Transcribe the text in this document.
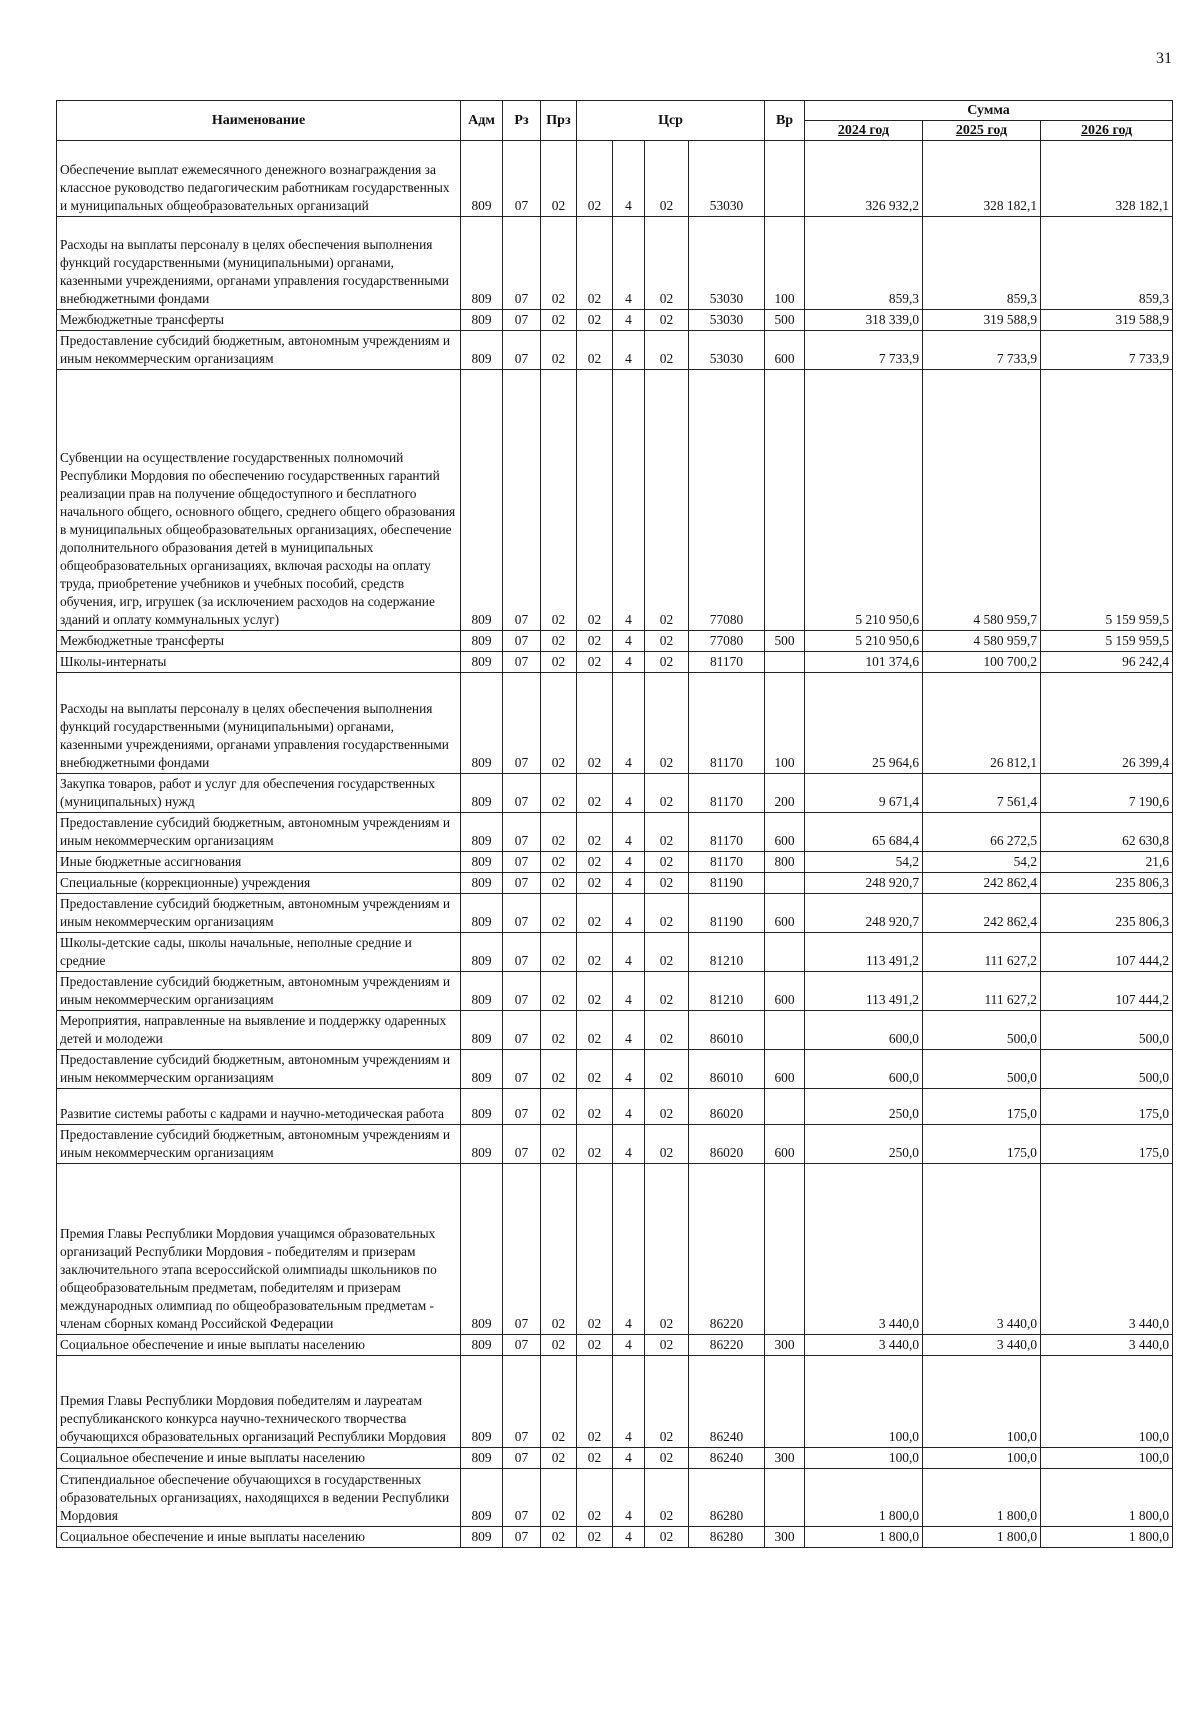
31
Наименование	Адм	Рз	Прз	Цср				Вр	Сумма		
									2024 год	2025 год	2026 год
Обеспечение выплат ежемесячного денежного вознаграждения за классное руководство педагогическим работникам государственных и муниципальных общеобразовательных организаций	809	07	02	02	4	02	53030		326 932,2	328 182,1	328 182,1
Расходы на выплаты персоналу в целях обеспечения выполнения функций государственными (муниципальными) органами, казенными учреждениями, органами управления государственными внебюджетными фондами	809	07	02	02	4	02	53030	100	859,3	859,3	859,3
Межбюджетные трансферты	809	07	02	02	4	02	53030	500	318 339,0	319 588,9	319 588,9
Предоставление субсидий бюджетным, автономным учреждениям и иным некоммерческим организациям	809	07	02	02	4	02	53030	600	7 733,9	7 733,9	7 733,9
Субвенции на осуществление государственных полномочий Республики Мордовия по обеспечению государственных гарантий реализации прав на получение общедоступного и бесплатного начального общего, основного общего, среднего общего образования в муниципальных общеобразовательных организациях, обеспечение дополнительного образования детей в муниципальных общеобразовательных организациях, включая расходы на оплату труда, приобретение учебников и учебных пособий, средств обучения, игр, игрушек (за исключением расходов на содержание зданий и оплату коммунальных услуг)	809	07	02	02	4	02	77080		5 210 950,6	4 580 959,7	5 159 959,5
Межбюджетные трансферты	809	07	02	02	4	02	77080	500	5 210 950,6	4 580 959,7	5 159 959,5
Школы-интернаты	809	07	02	02	4	02	81170		101 374,6	100 700,2	96 242,4
Расходы на выплаты персоналу в целях обеспечения выполнения функций государственными (муниципальными) органами, казенными учреждениями, органами управления государственными внебюджетными фондами	809	07	02	02	4	02	81170	100	25 964,6	26 812,1	26 399,4
Закупка товаров, работ и услуг для обеспечения государственных (муниципальных) нужд	809	07	02	02	4	02	81170	200	9 671,4	7 561,4	7 190,6
Предоставление субсидий бюджетным, автономным учреждениям и иным некоммерческим организациям	809	07	02	02	4	02	81170	600	65 684,4	66 272,5	62 630,8
Иные бюджетные ассигнования	809	07	02	02	4	02	81170	800	54,2	54,2	21,6
Специальные (коррекционные) учреждения	809	07	02	02	4	02	81190		248 920,7	242 862,4	235 806,3
Предоставление субсидий бюджетным, автономным учреждениям и иным некоммерческим организациям	809	07	02	02	4	02	81190	600	248 920,7	242 862,4	235 806,3
Школы-детские сады, школы начальные, неполные средние и средние	809	07	02	02	4	02	81210		113 491,2	111 627,2	107 444,2
Предоставление субсидий бюджетным, автономным учреждениям и иным некоммерческим организациям	809	07	02	02	4	02	81210	600	113 491,2	111 627,2	107 444,2
Мероприятия, направленные на выявление и поддержку одаренных детей и молодежи	809	07	02	02	4	02	86010		600,0	500,0	500,0
Предоставление субсидий бюджетным, автономным учреждениям и иным некоммерческим организациям	809	07	02	02	4	02	86010	600	600,0	500,0	500,0
Развитие системы работы с кадрами и научно-методическая работа	809	07	02	02	4	02	86020		250,0	175,0	175,0
Предоставление субсидий бюджетным, автономным учреждениям и иным некоммерческим организациям	809	07	02	02	4	02	86020	600	250,0	175,0	175,0
Премия Главы Республики Мордовия учащимся образовательных организаций Республики Мордовия - победителям и призерам заключительного этапа всероссийской олимпиады школьников по общеобразовательным предметам, победителям и призерам международных олимпиад по общеобразовательным предметам - членам сборных команд Российской Федерации	809	07	02	02	4	02	86220		3 440,0	3 440,0	3 440,0
Социальное обеспечение и иные выплаты населению	809	07	02	02	4	02	86220	300	3 440,0	3 440,0	3 440,0
Премия Главы Республики Мордовия победителям и лауреатам республиканского конкурса научно-технического творчества обучающихся образовательных организаций Республики Мордовия	809	07	02	02	4	02	86240		100,0	100,0	100,0
Социальное обеспечение и иные выплаты населению	809	07	02	02	4	02	86240	300	100,0	100,0	100,0
Стипендиальное обеспечение обучающихся в государственных образовательных организациях, находящихся в ведении Республики Мордовия	809	07	02	02	4	02	86280		1 800,0	1 800,0	1 800,0
Социальное обеспечение и иные выплаты населению	809	07	02	02	4	02	86280	300	1 800,0	1 800,0	1 800,0
